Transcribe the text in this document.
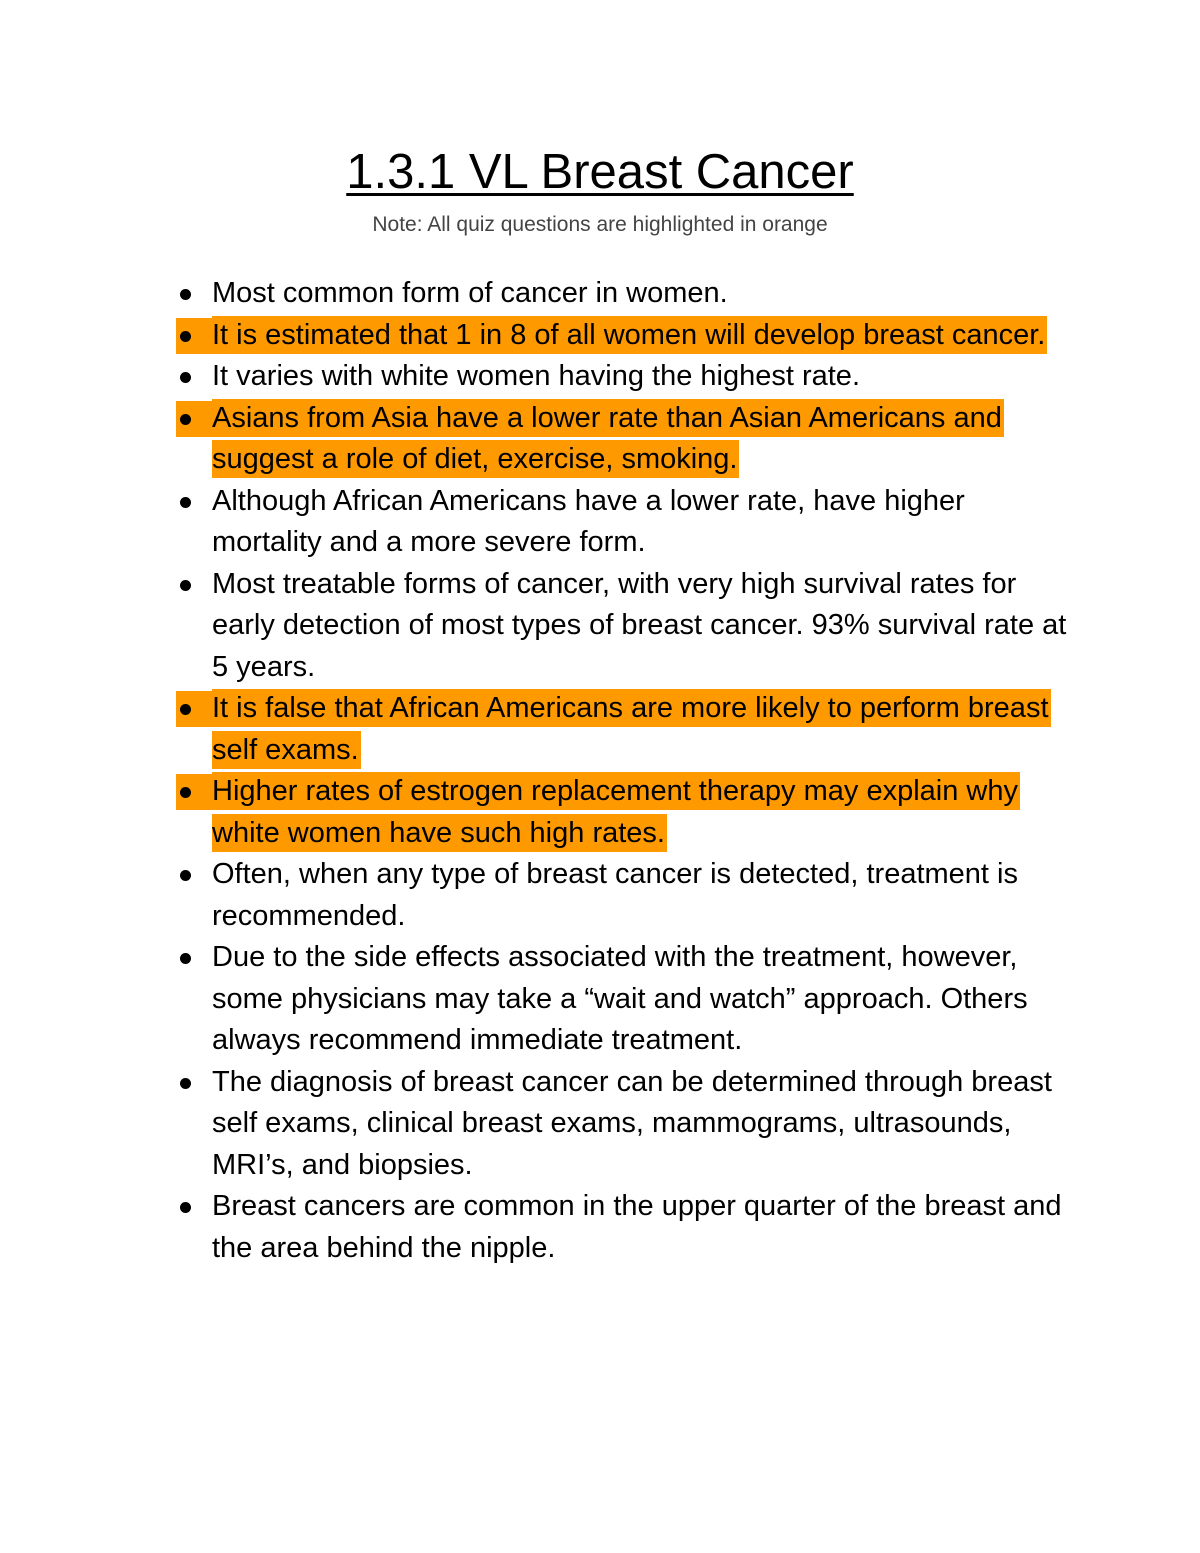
1.3.1 VL Breast Cancer
Note: All quiz questions are highlighted in orange
Most common form of cancer in women.
It is estimated that 1 in 8 of all women will develop breast cancer.
It varies with white women having the highest rate.
Asians from Asia have a lower rate than Asian Americans and suggest a role of diet, exercise, smoking.
Although African Americans have a lower rate, have higher mortality and a more severe form.
Most treatable forms of cancer, with very high survival rates for early detection of most types of breast cancer. 93% survival rate at 5 years.
It is false that African Americans are more likely to perform breast self exams.
Higher rates of estrogen replacement therapy may explain why white women have such high rates.
Often, when any type of breast cancer is detected, treatment is recommended.
Due to the side effects associated with the treatment, however, some physicians may take a “wait and watch” approach. Others always recommend immediate treatment.
The diagnosis of breast cancer can be determined through breast self exams, clinical breast exams, mammograms, ultrasounds, MRI’s, and biopsies.
Breast cancers are common in the upper quarter of the breast and the area behind the nipple.
